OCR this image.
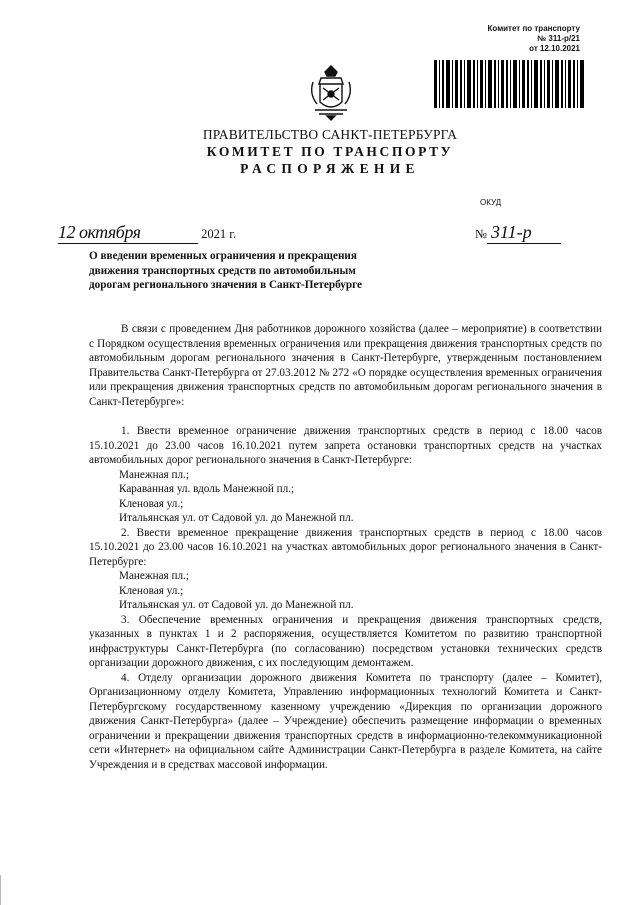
Комитет по транспорту
№ 311-р/21
от 12.10.2021
ПРАВИТЕЛЬСТВО САНКТ-ПЕТЕРБУРГА
КОМИТЕТ ПО ТРАНСПОРТУ
РАСПОРЯЖЕНИЕ
ОКУД
12 октября	2021 г.	№ 311-р
О введении временных ограничения и прекращения движения транспортных средств по автомобильным дорогам регионального значения в Санкт-Петербурге

В связи с проведением Дня работников дорожного хозяйства (далее – мероприятие) в соответствии с Порядком осуществления временных ограничения или прекращения движения транспортных средств по автомобильным дорогам регионального значения в Санкт-Петербурге, утвержденным постановлением Правительства Санкт-Петербурга от 27.03.2012 № 272 «О порядке осуществления временных ограничения или прекращения движения транспортных средств по автомобильным дорогам регионального значения в Санкт-Петербурге»:

1. Ввести временное ограничение движения транспортных средств в период с 18.00 часов 15.10.2021 до 23.00 часов 16.10.2021 путем запрета остановки транспортных средств на участках автомобильных дорог регионального значения в Санкт-Петербурге:

Манежная пл.;

Караванная ул. вдоль Манежной пл.;

Кленовая ул.;

Итальянская ул. от Садовой ул. до Манежной пл.

2. Ввести временное прекращение движения транспортных средств в период с 18.00 часов 15.10.2021 до 23.00 часов 16.10.2021 на участках автомобильных дорог регионального значения в Санкт-Петербурге:

Манежная пл.;

Кленовая ул.;

Итальянская ул. от Садовой ул. до Манежной пл.

3. Обеспечение временных ограничения и прекращения движения транспортных средств, указанных в пунктах 1 и 2 распоряжения, осуществляется Комитетом по развитию транспортной инфраструктуры Санкт-Петербурга (по согласованию) посредством установки технических средств организации дорожного движения, с их последующим демонтажем.

4. Отделу организации дорожного движения Комитета по транспорту (далее – Комитет), Организационному отделу Комитета, Управлению информационных технологий Комитета и Санкт-Петербургскому государственному казенному учреждению «Дирекция по организации дорожного движения Санкт-Петербурга» (далее – Учреждение) обеспечить размещение информации о временных ограничении и прекращении движения транспортных средств в информационно-телекоммуникационной сети «Интернет» на официальном сайте Администрации Санкт-Петербурга в разделе Комитета, на сайте Учреждения и в средствах массовой информации.
